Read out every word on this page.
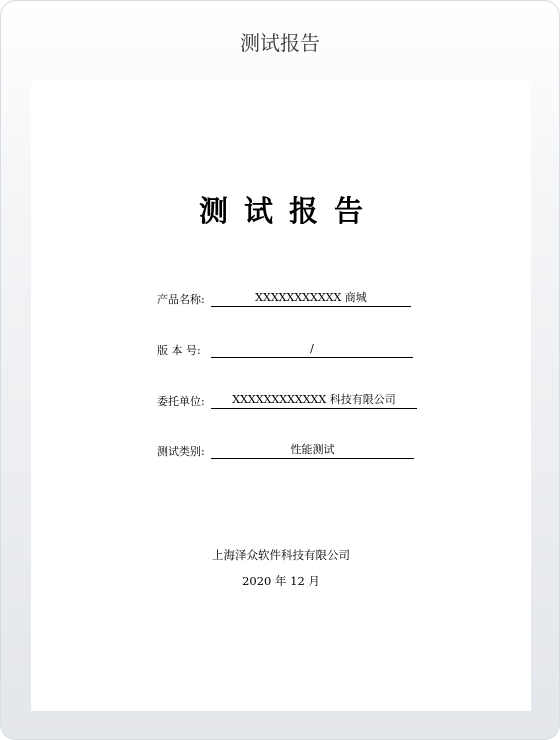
测试报告
测试报告
产品名称:	XXXXXXXXXXX 商城
版 本 号:	/
委托单位:	XXXXXXXXXXXX 科技有限公司
测试类别:	性能测试
上海泽众软件科技有限公司
2020 年 12 月
